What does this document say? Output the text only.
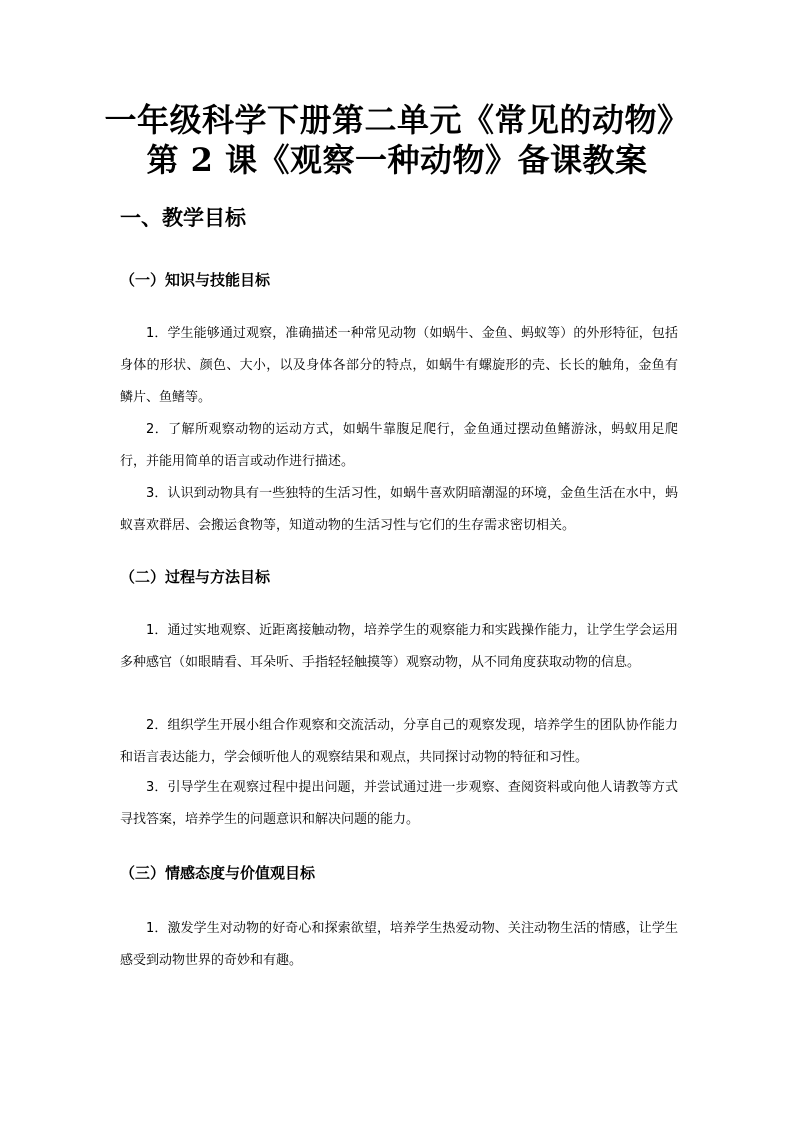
一年级科学下册第二单元《常见的动物》
第 2 课《观察一种动物》备课教案
一、教学目标
（一）知识与技能目标

1．学生能够通过观察，准确描述一种常见动物（如蜗牛、金鱼、蚂蚁等）的外形特征，包括身体的形状、颜色、大小，以及身体各部分的特点，如蜗牛有螺旋形的壳、长长的触角，金鱼有鳞片、鱼鳍等。

2．了解所观察动物的运动方式，如蜗牛靠腹足爬行，金鱼通过摆动鱼鳍游泳，蚂蚁用足爬行，并能用简单的语言或动作进行描述。

3．认识到动物具有一些独特的生活习性，如蜗牛喜欢阴暗潮湿的环境，金鱼生活在水中，蚂蚁喜欢群居、会搬运食物等，知道动物的生活习性与它们的生存需求密切相关。

（二）过程与方法目标

1．通过实地观察、近距离接触动物，培养学生的观察能力和实践操作能力，让学生学会运用多种感官（如眼睛看、耳朵听、手指轻轻触摸等）观察动物，从不同角度获取动物的信息。

2．组织学生开展小组合作观察和交流活动，分享自己的观察发现，培养学生的团队协作能力和语言表达能力，学会倾听他人的观察结果和观点，共同探讨动物的特征和习性。

3．引导学生在观察过程中提出问题，并尝试通过进一步观察、查阅资料或向他人请教等方式寻找答案，培养学生的问题意识和解决问题的能力。

（三）情感态度与价值观目标

1．激发学生对动物的好奇心和探索欲望，培养学生热爱动物、关注动物生活的情感，让学生感受到动物世界的奇妙和有趣。
